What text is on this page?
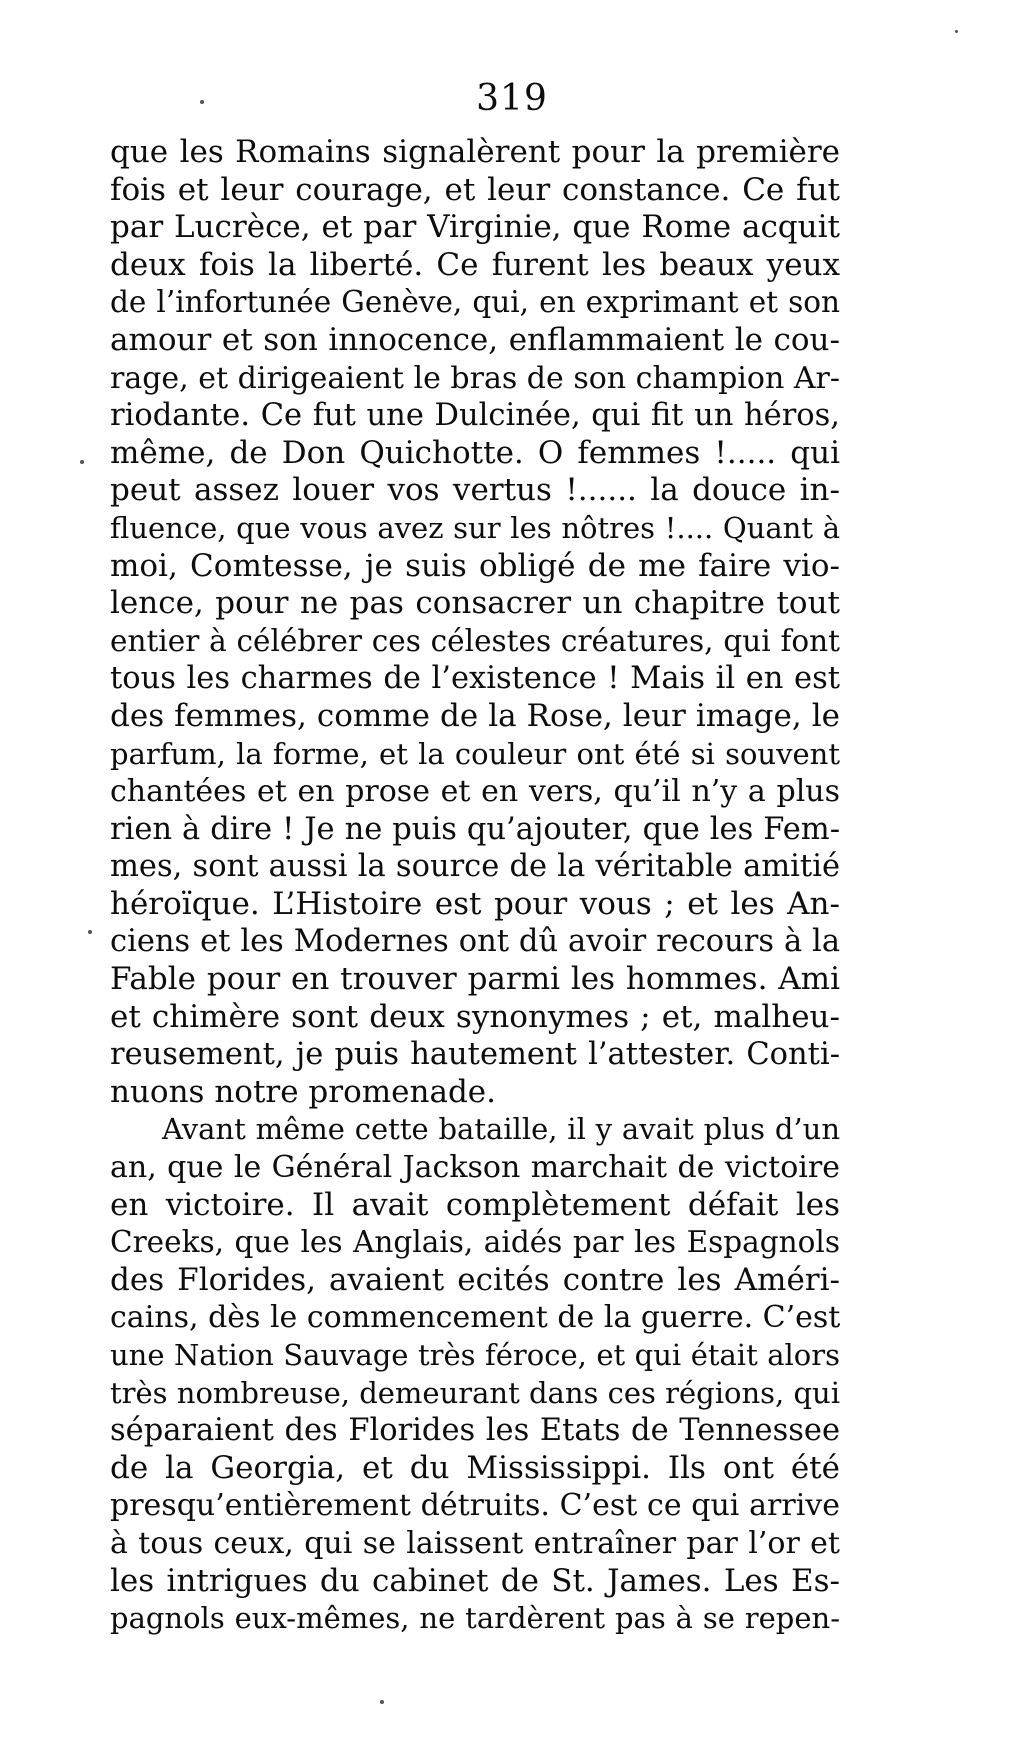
319
que les Romains signalèrent pour la première
fois et leur courage, et leur constance. Ce fut
par Lucrèce, et par Virginie, que Rome acquit
deux fois la liberté. Ce furent les beaux yeux
de l’infortunée Genève, qui, en exprimant et son
amour et son innocence, enflammaient le cou-
rage, et dirigeaient le bras de son champion Ar-
riodante. Ce fut une Dulcinée, qui fit un héros,
même, de Don Quichotte. O femmes !..... qui
peut assez louer vos vertus !...... la douce in-
fluence, que vous avez sur les nôtres !.... Quant à
moi, Comtesse, je suis obligé de me faire vio-
lence, pour ne pas consacrer un chapitre tout
entier à célébrer ces célestes créatures, qui font
tous les charmes de l’existence ! Mais il en est
des femmes, comme de la Rose, leur image, le
parfum, la forme, et la couleur ont été si souvent
chantées et en prose et en vers, qu’il n’y a plus
rien à dire ! Je ne puis qu’ajouter, que les Fem-
mes, sont aussi la source de la véritable amitié
héroïque. L’Histoire est pour vous ; et les An-
ciens et les Modernes ont dû avoir recours à la
Fable pour en trouver parmi les hommes. Ami
et chimère sont deux synonymes ; et, malheu-
reusement, je puis hautement l’attester. Conti-
nuons notre promenade.
Avant même cette bataille, il y avait plus d’un
an, que le Général Jackson marchait de victoire
en victoire. Il avait complètement défait les
Creeks, que les Anglais, aidés par les Espagnols
des Florides, avaient ecités contre les Améri-
cains, dès le commencement de la guerre. C’est
une Nation Sauvage très féroce, et qui était alors
très nombreuse, demeurant dans ces régions, qui
séparaient des Florides les Etats de Tennessee
de la Georgia, et du Mississippi. Ils ont été
presqu’entièrement détruits. C’est ce qui arrive
à tous ceux, qui se laissent entraîner par l’or et
les intrigues du cabinet de St. James. Les Es-
pagnols eux-mêmes, ne tardèrent pas à se repen-
